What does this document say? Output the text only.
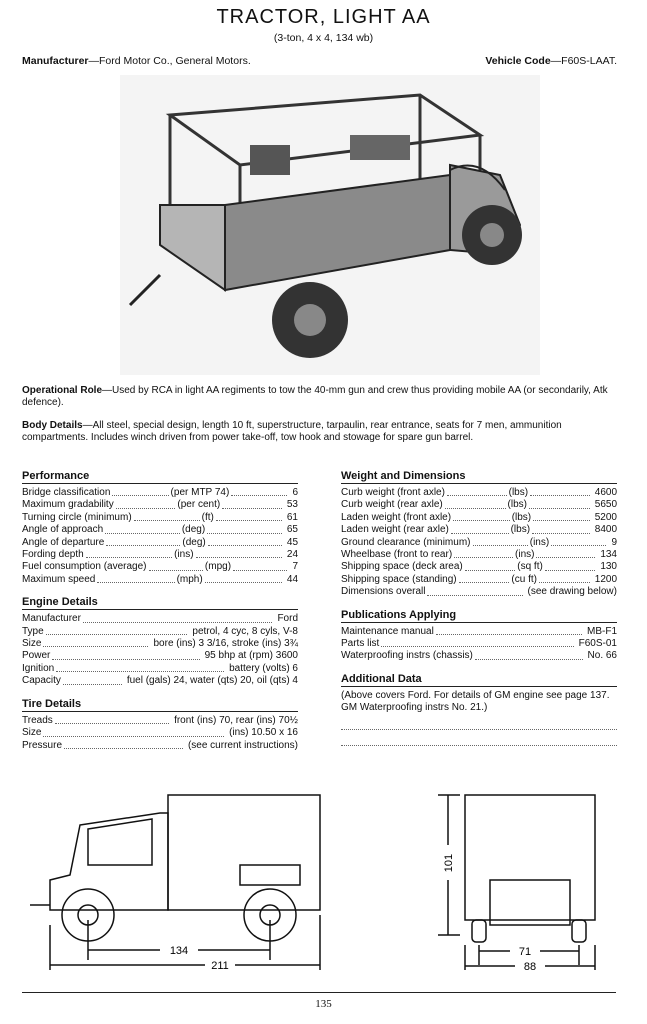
TRACTOR, LIGHT AA
(3-ton, 4 x 4, 134 wb)
Manufacturer—Ford Motor Co., General Motors.	Vehicle Code—F60S-LAAT.
Operational Role—Used by RCA in light AA regiments to tow the 40-mm gun and crew thus providing mobile AA (or secondarily, Atk defence).
Body Details—All steel, special design, length 10 ft, superstructure, tarpaulin, rear entrance, seats for 7 men, ammunition compartments. Includes winch driven from power take-off, tow hook and stowage for spare gun barrel.
Performance
Bridge classification	(per MTP 74)	6
Maximum gradability	(per cent)	53
Turning circle (minimum)	(ft)	61
Angle of approach	(deg)	65
Angle of departure	(deg)	45
Fording depth	(ins)	24
Fuel consumption (average)	(mpg)	7
Maximum speed	(mph)	44
Engine Details
Manufacturer	Ford
Type	petrol, 4 cyc, 8 cyls, V-8
Size	bore (ins) 3 3/16, stroke (ins) 3¾
Power	95 bhp at (rpm) 3600
Ignition	battery (volts) 6
Capacity	fuel (gals) 24, water (qts) 20, oil (qts) 4
Tire Details
Treads	front (ins) 70, rear (ins) 70½
Size	(ins) 10.50 x 16
Pressure	(see current instructions)
Weight and Dimensions
Curb weight (front axle)	(lbs)	4600
Curb weight (rear axle)	(lbs)	5650
Laden weight (front axle)	(lbs)	5200
Laden weight (rear axle)	(lbs)	8400
Ground clearance (minimum)	(ins)	9
Wheelbase (front to rear)	(ins)	134
Shipping space (deck area)	(sq ft)	130
Shipping space (standing)	(cu ft)	1200
Dimensions overall	(see drawing below)
Publications Applying
Maintenance manual	MB-F1
Parts list	F60S-01
Waterproofing instrs (chassis)	No. 66
Additional Data
(Above covers Ford. For details of GM engine see page 137. GM Waterproofing instrs No. 21.)
134
211
101
71
88
135
